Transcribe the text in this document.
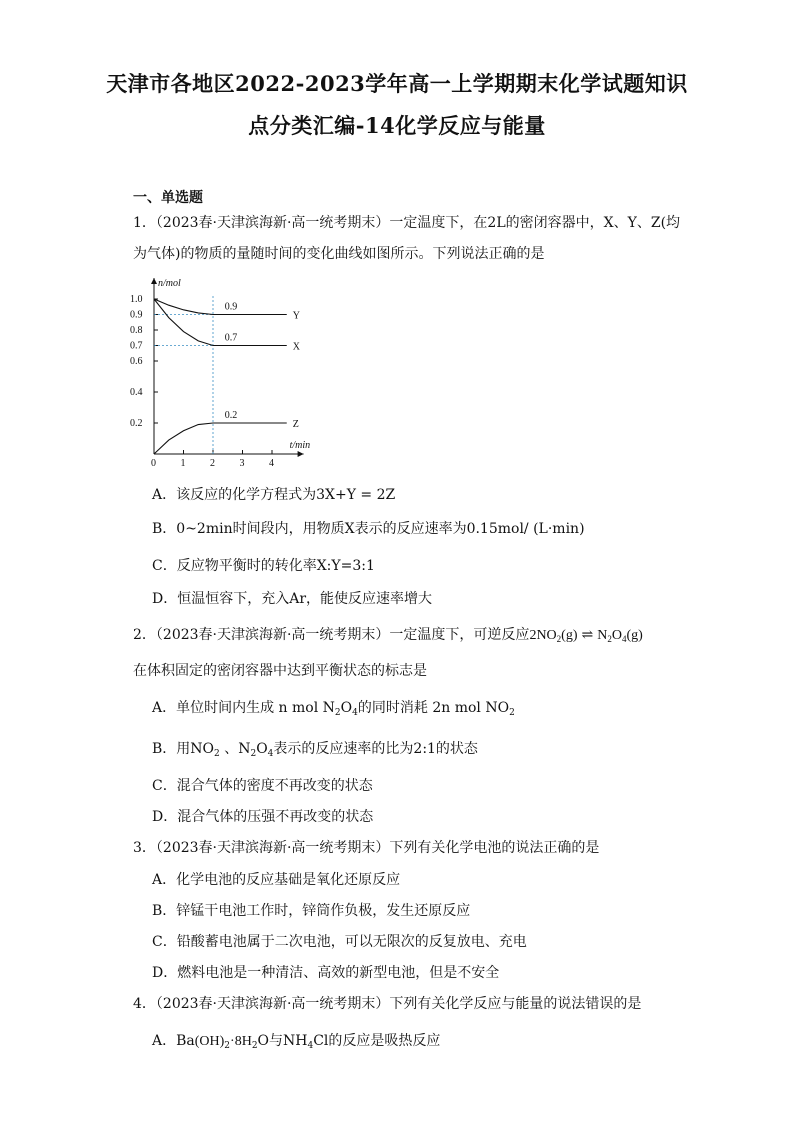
天津市各地区2022-2023学年高一上学期期末化学试题知识
点分类汇编-14化学反应与能量
一、单选题
1．（2023春·天津滨海新·高一统考期末）一定温度下，在2L的密闭容器中，X、Y、Z(均
为气体)的物质的量随时间的变化曲线如图所示。下列说法正确的是
n/mol
t/min
0 1 2 3 4
0.2
0.4
0.6
0.7
0.8
0.9
1.0
Y
0.9
X
0.7
Z
0.2
A．该反应的化学方程式为3X+Y = 2Z
B．0~2min时间段内，用物质X表示的反应速率为0.15mol/ (L·min)
C．反应物平衡时的转化率X:Y=3:1
D．恒温恒容下，充入Ar，能使反应速率增大
2．（2023春·天津滨海新·高一统考期末）一定温度下，可逆反应$2NO_2(g)$ ⇌ $N_2O_4(g)$
在体积固定的密闭容器中达到平衡状态的标志是
A．单位时间内生成 n mol $N_2O_4$的同时消耗 2n mol $NO_2$
B．用$NO_2$ 、$N_2O_4$表示的反应速率的比为2:1的状态
C．混合气体的密度不再改变的状态
D．混合气体的压强不再改变的状态
3．（2023春·天津滨海新·高一统考期末）下列有关化学电池的说法正确的是
A．化学电池的反应基础是氧化还原反应
B．锌锰干电池工作时，锌筒作负极，发生还原反应
C．铅酸蓄电池属于二次电池，可以无限次的反复放电、充电
D．燃料电池是一种清洁、高效的新型电池，但是不安全
4．（2023春·天津滨海新·高一统考期末）下列有关化学反应与能量的说法错误的是
A．$Ba(OH)_2\cdot 8H_2O$与$NH_4Cl$的反应是吸热反应
